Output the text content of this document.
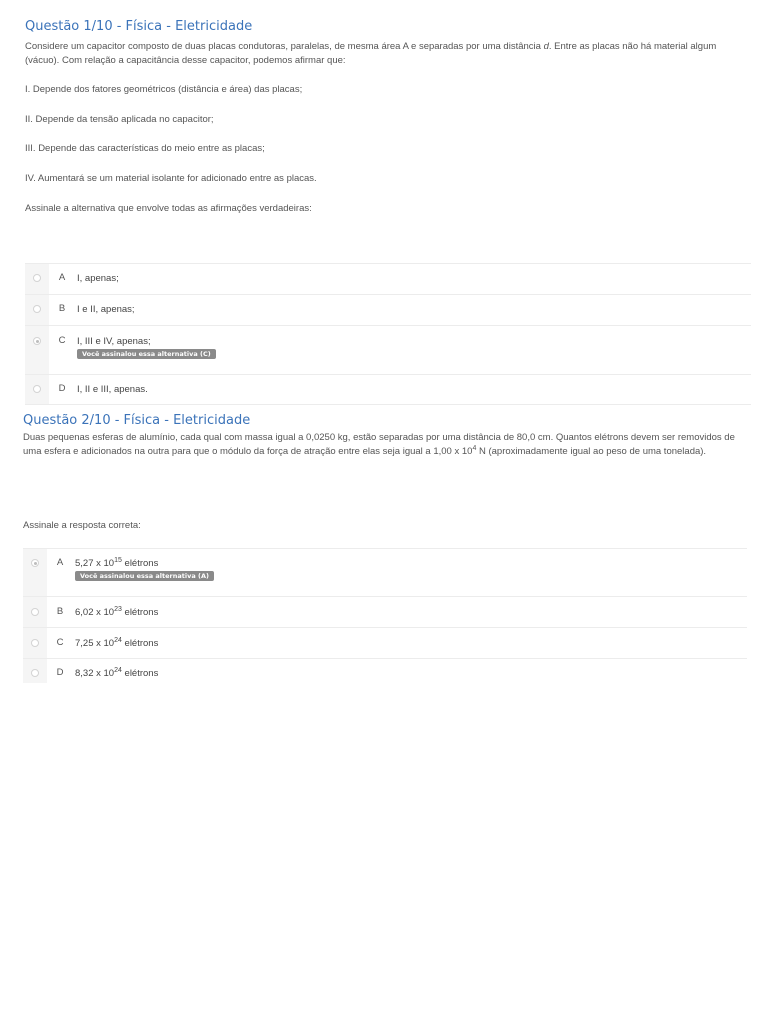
Questão 1/10 - Física - Eletricidade

Considere um capacitor composto de duas placas condutoras, paralelas, de mesma área A e separadas por uma distância d. Entre as placas não há material algum (vácuo). Com relação a capacitância desse capacitor, podemos afirmar que:

I. Depende dos fatores geométricos (distância e área) das placas;
II. Depende da tensão aplicada no capacitor;
III. Depende das características do meio entre as placas;
IV. Aumentará se um material isolante for adicionado entre as placas.
Assinale a alternativa que envolve todas as afirmações verdadeiras:
A	I, apenas;
B	I e II, apenas;
C	I, III e IV, apenas;
Você assinalou essa alternativa (C)
D	I, II e III, apenas.
Questão 2/10 - Física - Eletricidade

Duas pequenas esferas de alumínio, cada qual com massa igual a 0,0250 kg, estão separadas por uma distância de 80,0 cm. Quantos elétrons devem ser removidos de uma esfera e adicionados na outra para que o módulo da força de atração entre elas seja igual a 1,00 x $10^4$ N (aproximadamente igual ao peso de uma tonelada).

Assinale a resposta correta:
A	5,27 x $10^{15}$ elétrons
Você assinalou essa alternativa (A)
B	6,02 x $10^{23}$ elétrons
C	7,25 x $10^{24}$ elétrons
D	8,32 x $10^{24}$ elétrons
